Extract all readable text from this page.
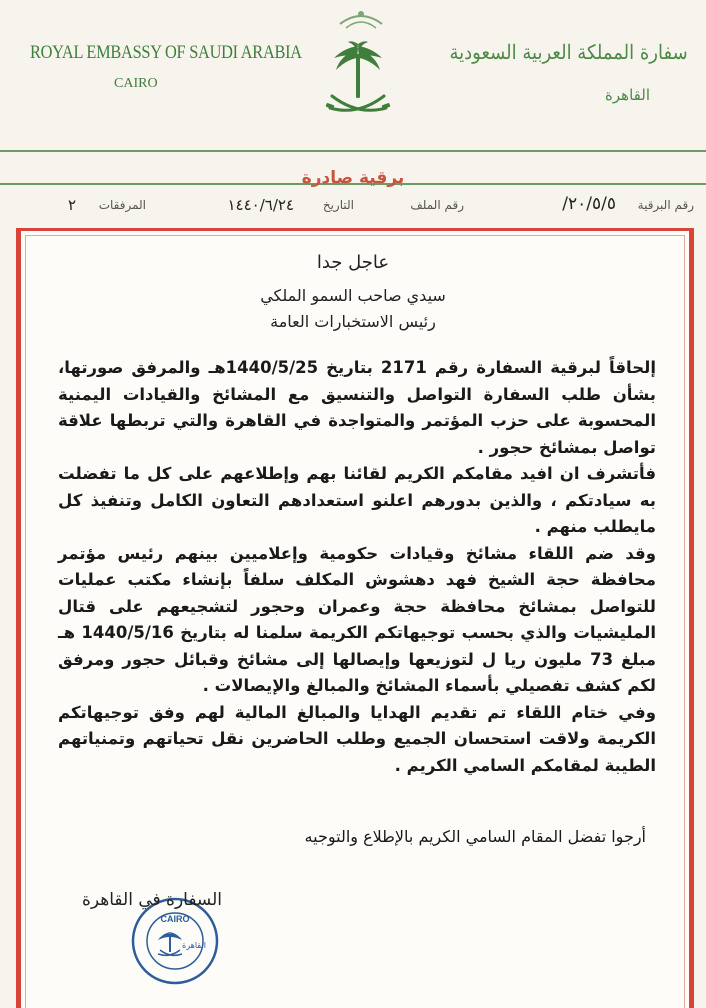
ROYAL EMBASSY OF SAUDI ARABIA
CAIRO
سفارة المملكة العربية السعودية
القاهرة
برقية صادرة
رقم البرقية
٢٠/٥/٥/
رقم الملف
التاريخ
١٤٤٠/٦/٢٤
المرفقات
٢
عاجل جدا
سيدي صاحب السمو الملكي
رئيس الاستخبارات العامة

إلحاقاً لبرقية السفارة رقم 2171 بتاريخ 1440/5/25هـ والمرفق صورتها، بشأن طلب السفارة التواصل والتنسيق مع المشائخ والقيادات اليمنية المحسوبة على حزب المؤتمر والمتواجدة في القاهرة والتي تربطها علاقة تواصل بمشائخ حجور .

فأتشرف ان افيد مقامكم الكريم لقائنا بهم وإطلاعهم على كل ما تفضلت به سيادتكم ، والذين بدورهم اعلنو استعدادهم التعاون الكامل وتنفيذ كل مايطلب منهم .

وقد ضم اللقاء مشائخ وقيادات حكومية وإعلاميين بينهم رئيس مؤتمر محافظة حجة الشيخ فهد دهشوش المكلف سلفاً بإنشاء مكتب عمليات للتواصل بمشائخ محافظة حجة وعمران وحجور لتشجيعهم على قتال المليشيات والذي بحسب توجيهاتكم الكريمة سلمنا له بتاريخ 1440/5/16 هـ مبلغ 73 مليون ريا ل لتوزيعها وإيصالها إلى مشائخ وقبائل حجور ومرفق لكم كشف تفصيلي بأسماء المشائخ والمبالغ والإيصالات .

وفي ختام اللقاء تم تقديم الهدايا والمبالغ المالية لهم وفق توجيهاتكم الكريمة ولاقت استحسان الجميع وطلب الحاضرين نقل تحياتهم وتمنياتهم الطيبة لمقامكم السامي الكريم .

أرجوا تفضل المقام السامي الكريم بالإطلاع والتوجيه
CAIRO
القاهرة
السفارة في القاهرة
